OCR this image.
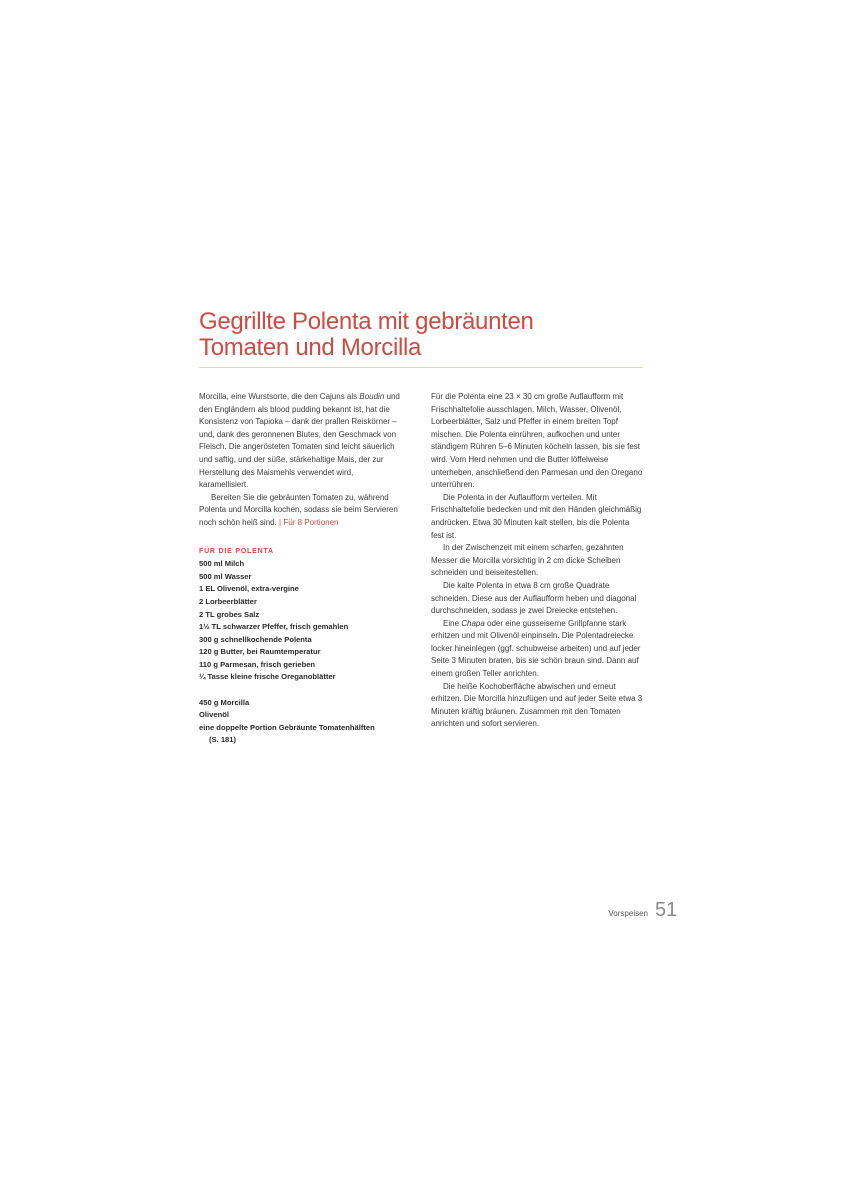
Gegrillte Polenta mit gebräunten
Tomaten und Morcilla

Morcilla, eine Wurstsorte, die den Cajuns als Boudin und den Engländern als blood pudding bekannt ist, hat die Konsistenz von Tapioka – dank der prallen Reiskörner – und, dank des geronnenen Blutes, den Geschmack von Fleisch. Die angerösteten Tomaten sind leicht säuerlich und saftig, und der süße, stärkehaltige Mais, der zur Herstellung des Maismehls verwendet wird, karamellisiert.

Bereiten Sie die gebräunten Tomaten zu, während Polenta und Morcilla kochen, sodass sie beim Servieren noch schön heiß sind. | Für 8 Portionen

FÜR DIE POLENTA

500 ml Milch
500 ml Wasser
1 EL Olivenöl, extra-vergine
2 Lorbeerblätter
2 TL grobes Salz
1½ TL schwarzer Pfeffer, frisch gemahlen
300 g schnellkochende Polenta
120 g Butter, bei Raumtemperatur
110 g Parmesan, frisch gerieben
¼ Tasse kleine frische Oreganoblätter
450 g Morcilla
Olivenöl
eine doppelte Portion Gebräunte Tomatenhälften
(S. 181)

Für die Polenta eine 23 × 30 cm große Auflaufform mit Frischhaltefolie ausschlagen. Milch, Wasser, Olivenöl, Lorbeerblätter, Salz und Pfeffer in einem breiten Topf mischen. Die Polenta einrühren, aufkochen und unter ständigem Rühren 5–6 Minuten köcheln lassen, bis sie fest wird. Vom Herd nehmen und die Butter löffelweise unterheben, anschließend den Parmesan und den Oregano unterrühren.

Die Polenta in der Auflaufform verteilen. Mit Frischhaltefolie bedecken und mit den Händen gleichmäßig andrücken. Etwa 30 Minuten kalt stellen, bis die Polenta fest ist.

In der Zwischenzeit mit einem scharfen, gezahnten Messer die Morcilla vorsichtig in 2 cm dicke Scheiben schneiden und beiseitestellen.

Die kalte Polenta in etwa 8 cm große Quadrate schneiden. Diese aus der Auflaufform heben und diagonal durchschneiden, sodass je zwei Dreiecke entstehen.

Eine Chapa oder eine gusseiserne Grillpfanne stark erhitzen und mit Olivenöl einpinseln. Die Polentadreiecke locker hineinlegen (ggf. schubweise arbeiten) und auf jeder Seite 3 Minuten braten, bis sie schön braun sind. Dann auf einem großen Teller anrichten.

Die heiße Kochoberfläche abwischen und erneut erhitzen. Die Morcilla hinzufügen und auf jeder Seite etwa 3 Minuten kräftig bräunen. Zusammen mit den Tomaten anrichten und sofort servieren.

Vorspeisen 51
